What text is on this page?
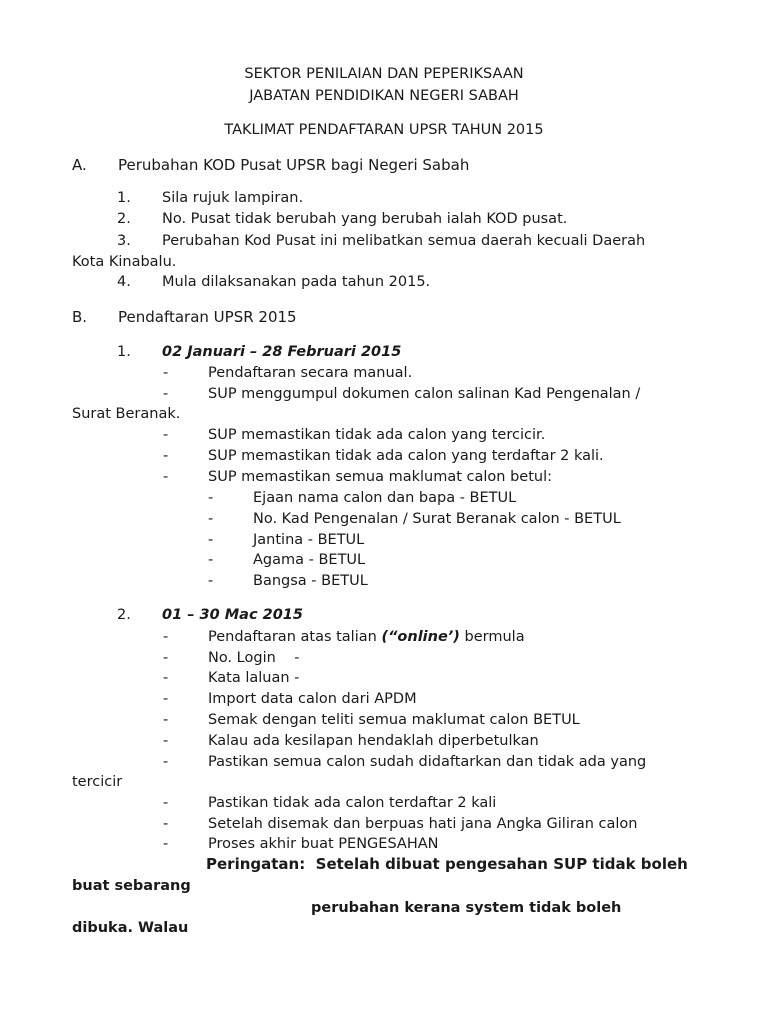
SEKTOR PENILAIAN DAN PEPERIKSAAN
JABATAN PENDIDIKAN NEGERI SABAH
TAKLIMAT PENDAFTARAN UPSR TAHUN 2015
A. Perubahan KOD Pusat UPSR bagi Negeri Sabah
1. Sila rujuk lampiran.
2. No. Pusat tidak berubah yang berubah ialah KOD pusat.
3. Perubahan Kod Pusat ini melibatkan semua daerah kecuali Daerah
Kota Kinabalu.
4. Mula dilaksanakan pada tahun 2015.
B. Pendaftaran UPSR 2015
1. 02 Januari – 28 Februari 2015
-	Pendaftaran secara manual.
-	SUP menggumpul dokumen calon salinan Kad Pengenalan /
Surat Beranak.
-	SUP memastikan tidak ada calon yang tercicir.
-	SUP memastikan tidak ada calon yang terdaftar 2 kali.
-	SUP memastikan semua maklumat calon betul:
-	Ejaan nama calon dan bapa - BETUL
-	No. Kad Pengenalan / Surat Beranak calon - BETUL
-	Jantina - BETUL
-	Agama - BETUL
-	Bangsa - BETUL
2. 01 – 30 Mac 2015
-	Pendaftaran atas talian (“online’) bermula
-	No. Login    -
-	Kata laluan -
-	Import data calon dari APDM
-	Semak dengan teliti semua maklumat calon BETUL
-	Kalau ada kesilapan hendaklah diperbetulkan
-	Pastikan semua calon sudah didaftarkan dan tidak ada yang
tercicir
-	Pastikan tidak ada calon terdaftar 2 kali
-	Setelah disemak dan berpuas hati jana Angka Giliran calon
-	Proses akhir buat PENGESAHAN
Peringatan:  Setelah dibuat pengesahan SUP tidak boleh
buat sebarang
perubahan kerana system tidak boleh
dibuka. Walau
